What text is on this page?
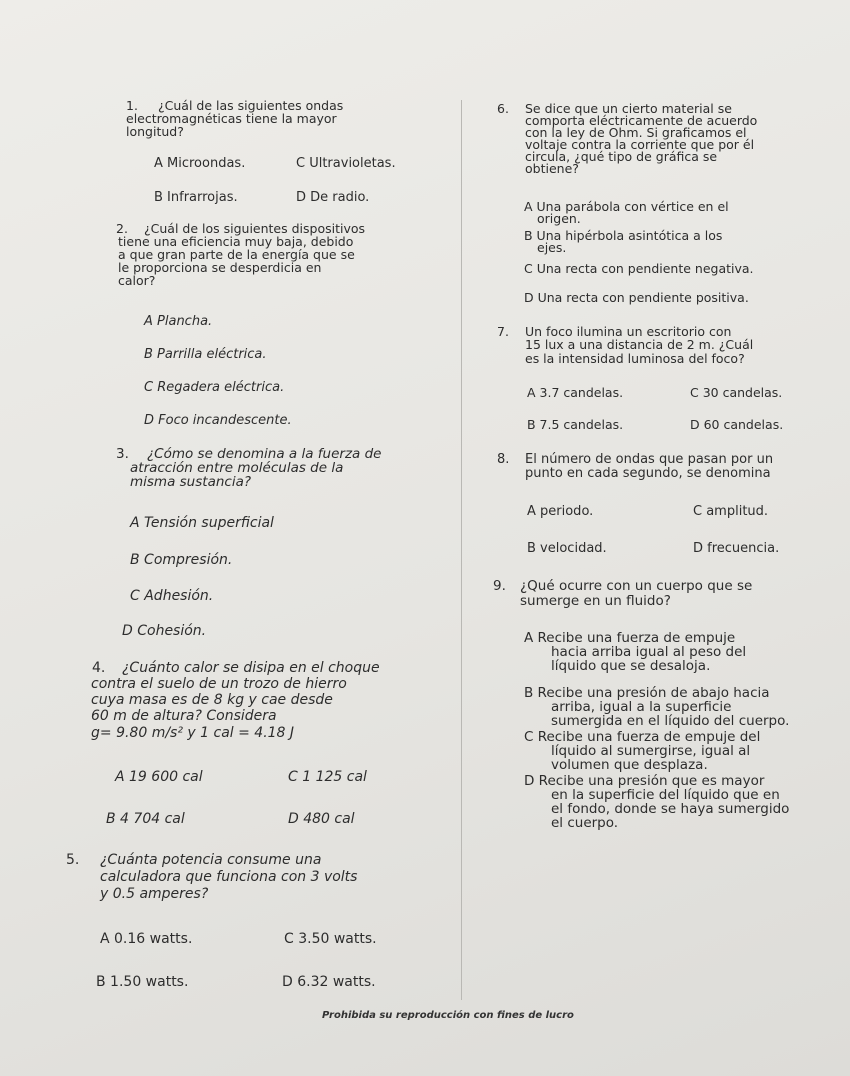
1. ¿Cuál de las siguientes ondas
electromagnéticas tiene la mayor
longitud?
A Microondas.	C Ultravioletas.
B Infrarrojas.	D De radio.
2. ¿Cuál de los siguientes dispositivos
tiene una eficiencia muy baja, debido
a que gran parte de la energía que se
le proporciona se desperdicia en
calor?
A Plancha.
B Parrilla eléctrica.
C Regadera eléctrica.
D Foco incandescente.
3. ¿Cómo se denomina a la fuerza de
atracción entre moléculas de la
misma sustancia?
A Tensión superficial
B Compresión.
C Adhesión.
D Cohesión.
4. ¿Cuánto calor se disipa en el choque
contra el suelo de un trozo de hierro
cuya masa es de 8 kg y cae desde
60 m de altura? Considera
g= 9.80 m/s² y 1 cal = 4.18 J
A 19 600 cal	C 1 125 cal
B 4 704 cal	D 480 cal
5. ¿Cuánta potencia consume una
calculadora que funciona con 3 volts
y 0.5 amperes?
A 0.16 watts.	C 3.50 watts.
B 1.50 watts.	D 6.32 watts.
6. Se dice que un cierto material se
comporta eléctricamente de acuerdo
con la ley de Ohm. Si graficamos el
voltaje contra la corriente que por él
circula, ¿qué tipo de gráfica se
obtiene?
A Una parábola con vértice en el
origen.
B Una hipérbola asintótica a los
ejes.
C Una recta con pendiente negativa.
D Una recta con pendiente positiva.
7. Un foco ilumina un escritorio con
15 lux a una distancia de 2 m. ¿Cuál
es la intensidad luminosa del foco?
A 3.7 candelas.	C 30 candelas.
B 7.5 candelas.	D 60 candelas.
8. El número de ondas que pasan por un
punto en cada segundo, se denomina
A periodo.	C amplitud.
B velocidad.	D frecuencia.
9. ¿Qué ocurre con un cuerpo que se
sumerge en un fluido?
A Recibe una fuerza de empuje
hacia arriba igual al peso del
líquido que se desaloja.
B Recibe una presión de abajo hacia
arriba, igual a la superficie
sumergida en el líquido del cuerpo.
C Recibe una fuerza de empuje del
líquido al sumergirse, igual al
volumen que desplaza.
D Recibe una presión que es mayor
en la superficie del líquido que en
el fondo, donde se haya sumergido
el cuerpo.
Prohibida su reproducción con fines de lucro
